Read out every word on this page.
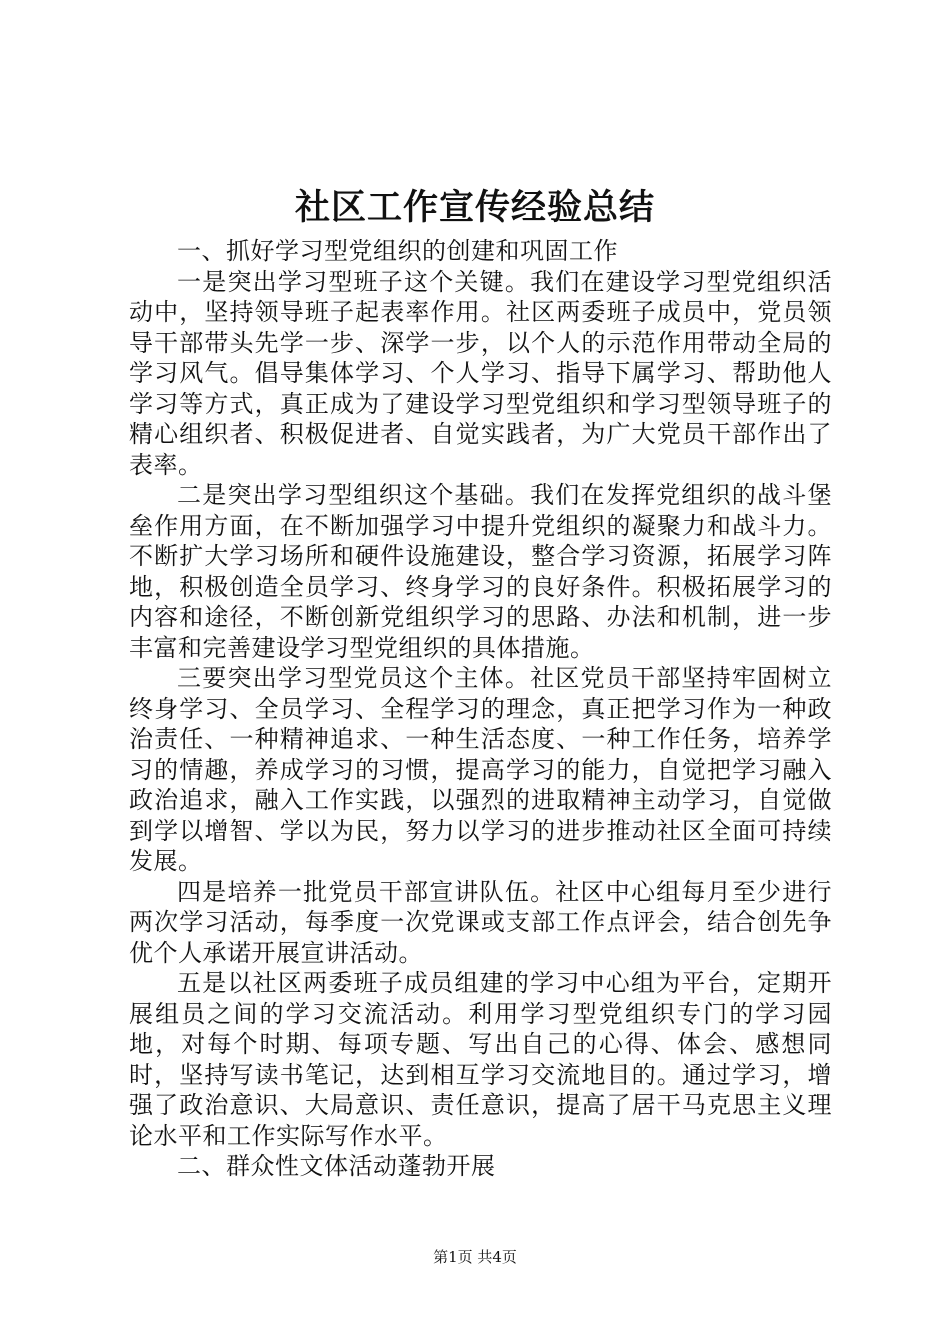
社区工作宣传经验总结

一、抓好学习型党组织的创建和巩固工作

一是突出学习型班子这个关键。我们在建设学习型党组织活动中，坚持领导班子起表率作用。社区两委班子成员中，党员领导干部带头先学一步、深学一步，以个人的示范作用带动全局的学习风气。倡导集体学习、个人学习、指导下属学习、帮助他人学习等方式，真正成为了建设学习型党组织和学习型领导班子的精心组织者、积极促进者、自觉实践者，为广大党员干部作出了表率。

二是突出学习型组织这个基础。我们在发挥党组织的战斗堡垒作用方面，在不断加强学习中提升党组织的凝聚力和战斗力。不断扩大学习场所和硬件设施建设，整合学习资源，拓展学习阵地，积极创造全员学习、终身学习的良好条件。积极拓展学习的内容和途径，不断创新党组织学习的思路、办法和机制，进一步丰富和完善建设学习型党组织的具体措施。

三要突出学习型党员这个主体。社区党员干部坚持牢固树立终身学习、全员学习、全程学习的理念，真正把学习作为一种政治责任、一种精神追求、一种生活态度、一种工作任务，培养学习的情趣，养成学习的习惯，提高学习的能力，自觉把学习融入政治追求，融入工作实践，以强烈的进取精神主动学习，自觉做到学以增智、学以为民，努力以学习的进步推动社区全面可持续发展。

四是培养一批党员干部宣讲队伍。社区中心组每月至少进行两次学习活动，每季度一次党课或支部工作点评会，结合创先争优个人承诺开展宣讲活动。

五是以社区两委班子成员组建的学习中心组为平台，定期开展组员之间的学习交流活动。利用学习型党组织专门的学习园地，对每个时期、每项专题、写出自己的心得、体会、感想同时，坚持写读书笔记，达到相互学习交流地目的。通过学习，增强了政治意识、大局意识、责任意识，提高了居干马克思主义理论水平和工作实际写作水平。

二、群众性文体活动蓬勃开展

第1页 共4页
